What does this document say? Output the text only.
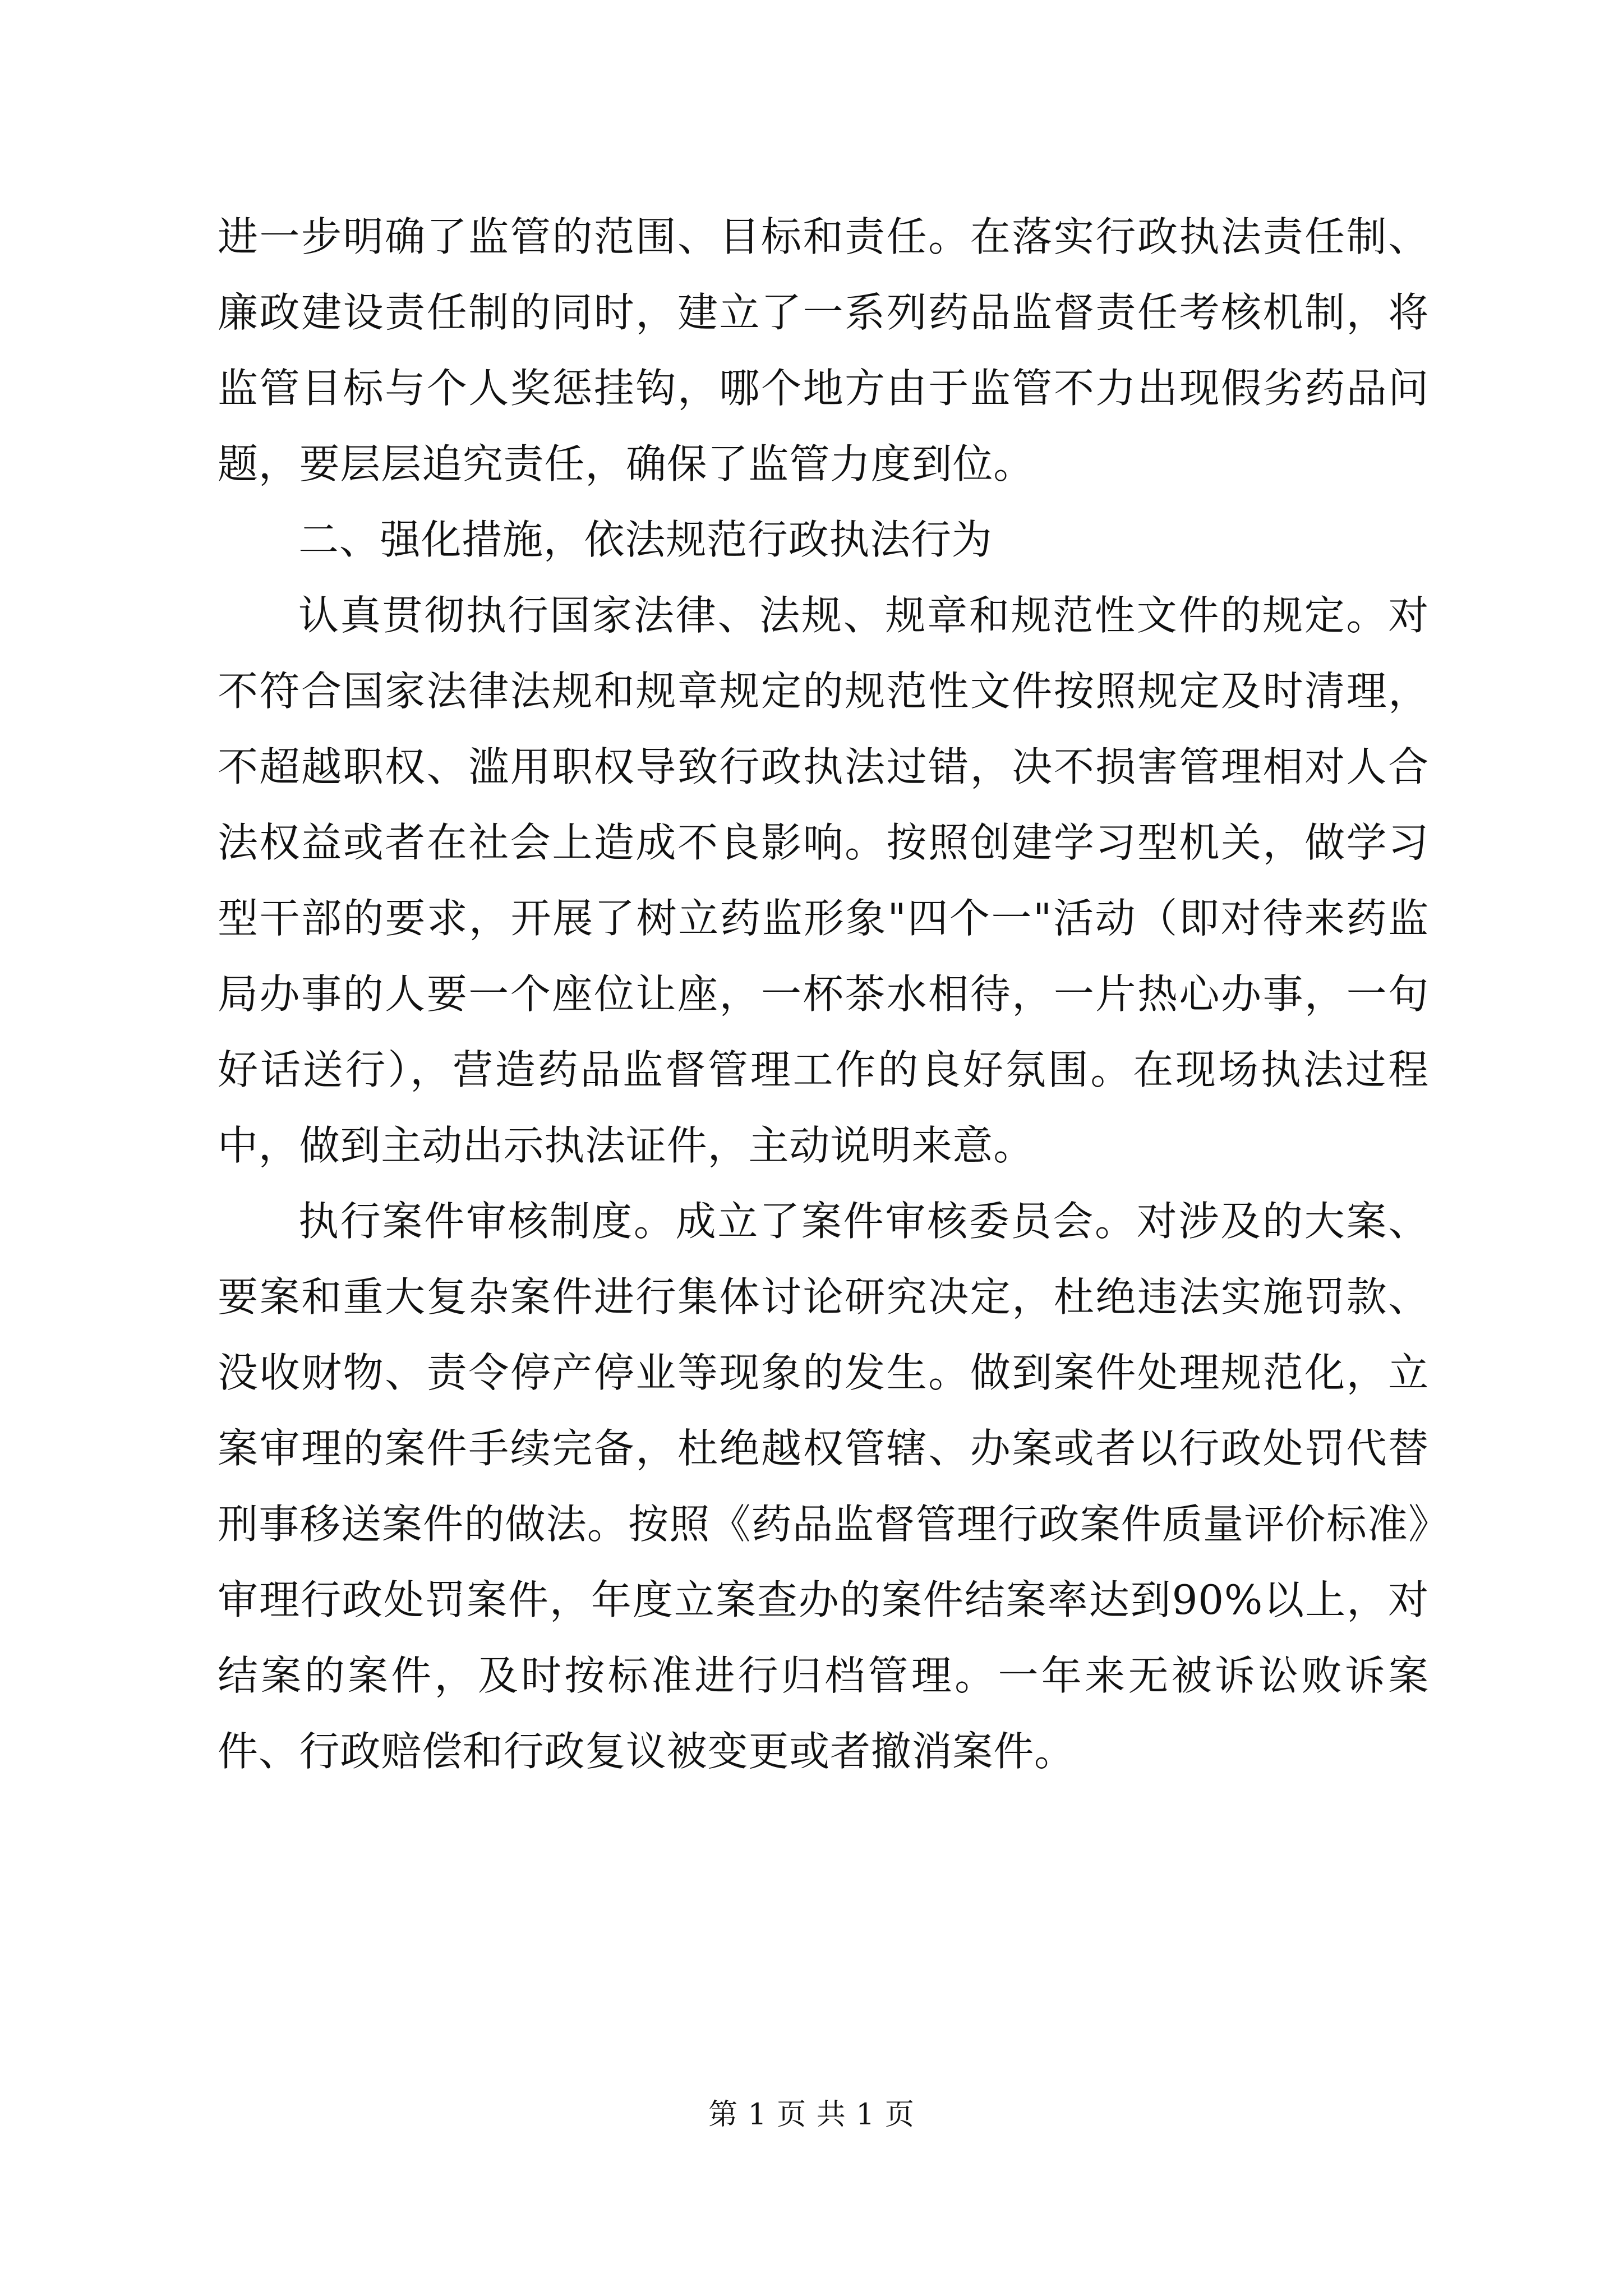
进一步明确了监管的范围、目标和责任。在落实行政执法责任制、廉政建设责任制的同时，建立了一系列药品监督责任考核机制，将监管目标与个人奖惩挂钩，哪个地方由于监管不力出现假劣药品问题，要层层追究责任，确保了监管力度到位。

二、强化措施，依法规范行政执法行为

认真贯彻执行国家法律、法规、规章和规范性文件的规定。对不符合国家法律法规和规章规定的规范性文件按照规定及时清理，不超越职权、滥用职权导致行政执法过错，决不损害管理相对人合法权益或者在社会上造成不良影响。按照创建学习型机关，做学习型干部的要求，开展了树立药监形象"四个一"活动（即对待来药监局办事的人要一个座位让座，一杯茶水相待，一片热心办事，一句好话送行），营造药品监督管理工作的良好氛围。在现场执法过程中，做到主动出示执法证件，主动说明来意。

执行案件审核制度。成立了案件审核委员会。对涉及的大案、要案和重大复杂案件进行集体讨论研究决定，杜绝违法实施罚款、没收财物、责令停产停业等现象的发生。做到案件处理规范化，立案审理的案件手续完备，杜绝越权管辖、办案或者以行政处罚代替刑事移送案件的做法。按照《药品监督管理行政案件质量评价标准》审理行政处罚案件，年度立案查办的案件结案率达到90%以上，对结案的案件，及时按标准进行归档管理。一年来无被诉讼败诉案件、行政赔偿和行政复议被变更或者撤消案件。

第 1 页 共 1 页
